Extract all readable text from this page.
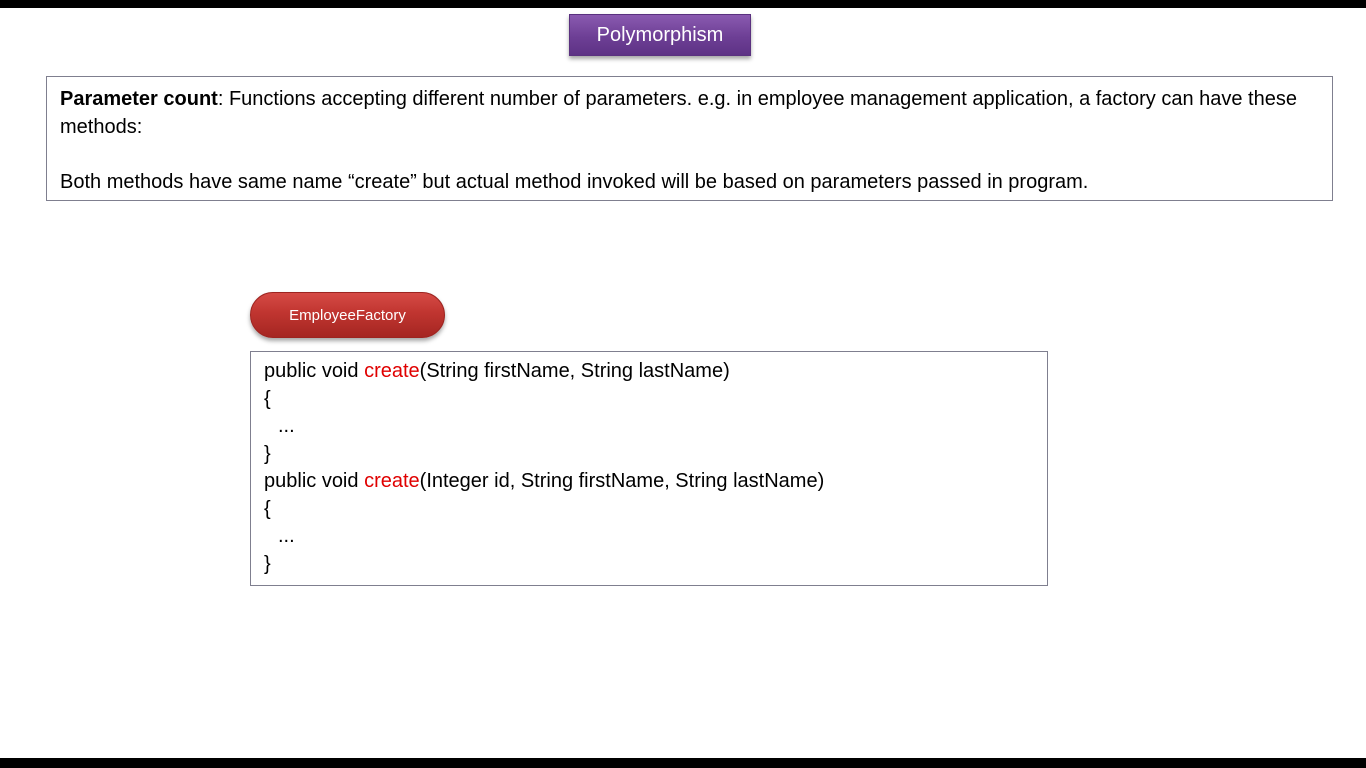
Polymorphism

Parameter count: Functions accepting different number of parameters. e.g. in employee management application, a factory can have these methods:

Both methods have same name “create” but actual method invoked will be based on parameters passed in program.

EmployeeFactory
public void create(String firstName, String lastName)
{
...
}
public void create(Integer id, String firstName, String lastName)
{
...
}
